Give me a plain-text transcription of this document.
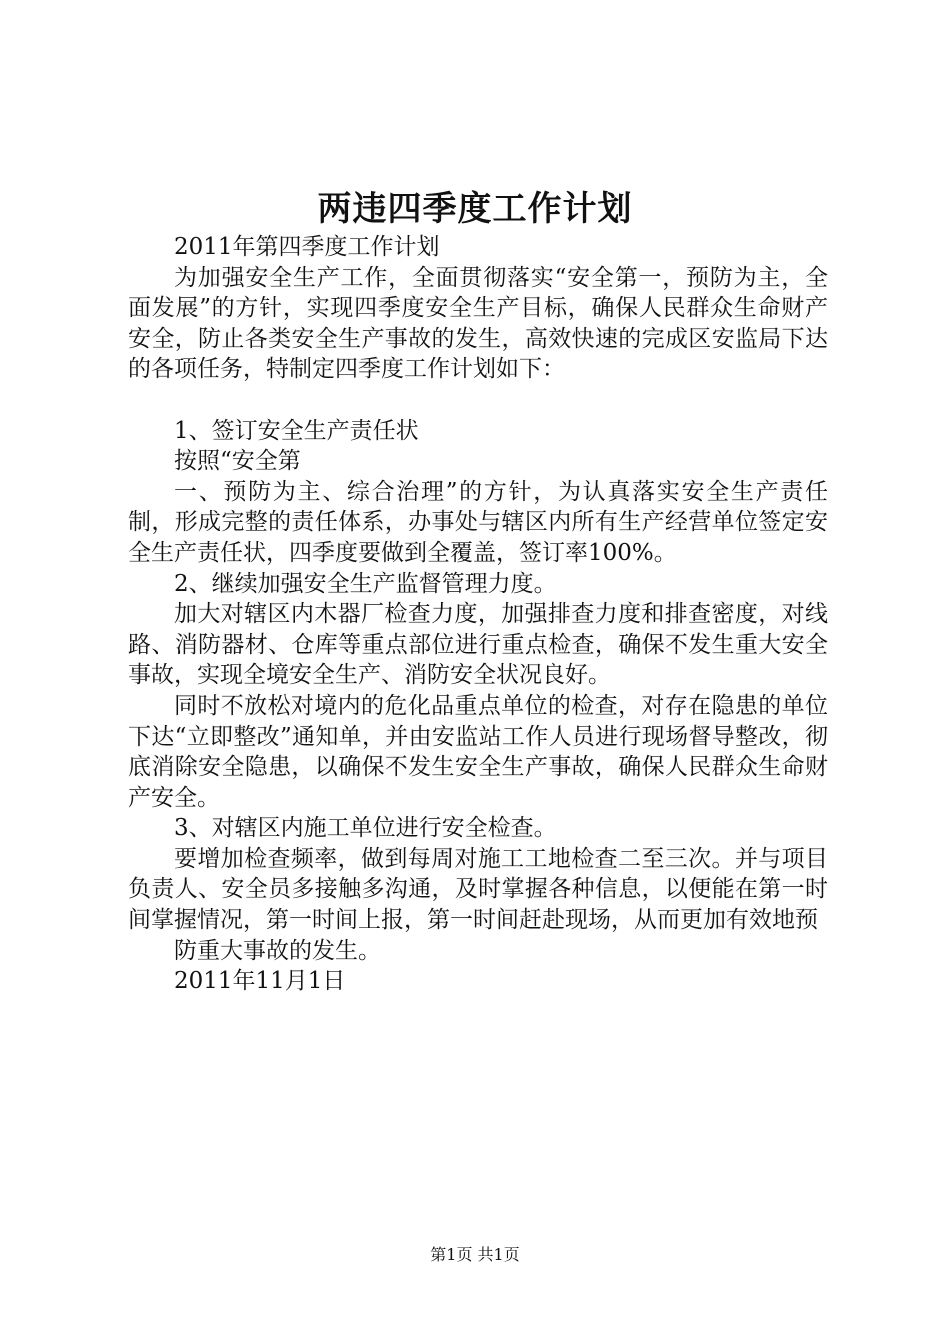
两违四季度工作计划

2011年第四季度工作计划

为加强安全生产工作，全面贯彻落实“安全第一，预防为主，全面发展”的方针，实现四季度安全生产目标，确保人民群众生命财产安全，防止各类安全生产事故的发生，高效快速的完成区安监局下达的各项任务，特制定四季度工作计划如下：

1、签订安全生产责任状

按照“安全第

一、预防为主、综合治理”的方针，为认真落实安全生产责任制，形成完整的责任体系，办事处与辖区内所有生产经营单位签定安全生产责任状，四季度要做到全覆盖，签订率100%。

2、继续加强安全生产监督管理力度。

加大对辖区内木器厂检查力度，加强排查力度和排查密度，对线路、消防器材、仓库等重点部位进行重点检查，确保不发生重大安全事故，实现全境安全生产、消防安全状况良好。

同时不放松对境内的危化品重点单位的检查，对存在隐患的单位下达“立即整改”通知单，并由安监站工作人员进行现场督导整改，彻底消除安全隐患，以确保不发生安全生产事故，确保人民群众生命财产安全。

3、对辖区内施工单位进行安全检查。

要增加检查频率，做到每周对施工工地检查二至三次。并与项目负责人、安全员多接触多沟通，及时掌握各种信息，以便能在第一时间掌握情况，第一时间上报，第一时间赶赴现场，从而更加有效地预

防重大事故的发生。

2011年11月1日

第1页 共1页
